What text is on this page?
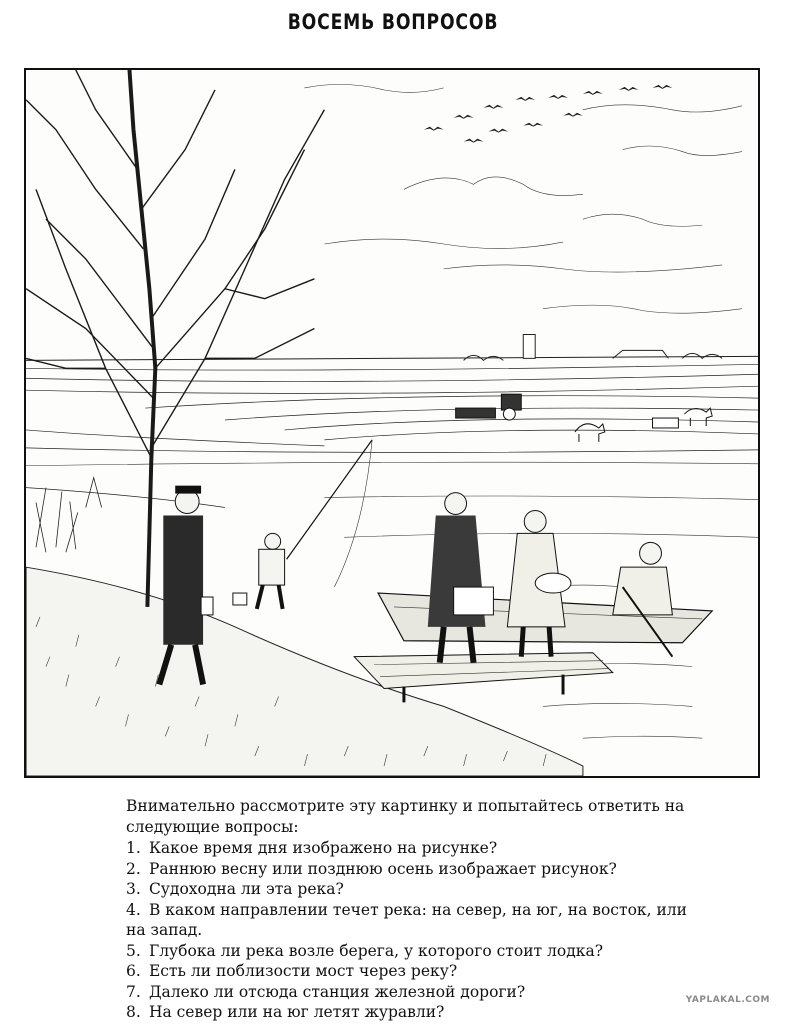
ВОСЕМЬ ВОПРОСОВ

Внимательно рассмотрите эту картинку и попытайтесь ответить на следующие вопросы:

1. Какое время дня изображено на рисунке?
2. Раннюю весну или позднюю осень изображает рисунок?
3. Судоходна ли эта река?
4. В каком направлении течет река: на север, на юг, на восток, или на запад.
5. Глубока ли река возле берега, у которого стоит лодка?
6. Есть ли поблизости мост через реку?
7. Далеко ли отсюда станция железной дороги?
8. На север или на юг летят журавли?
YAPLAKAL.COM
